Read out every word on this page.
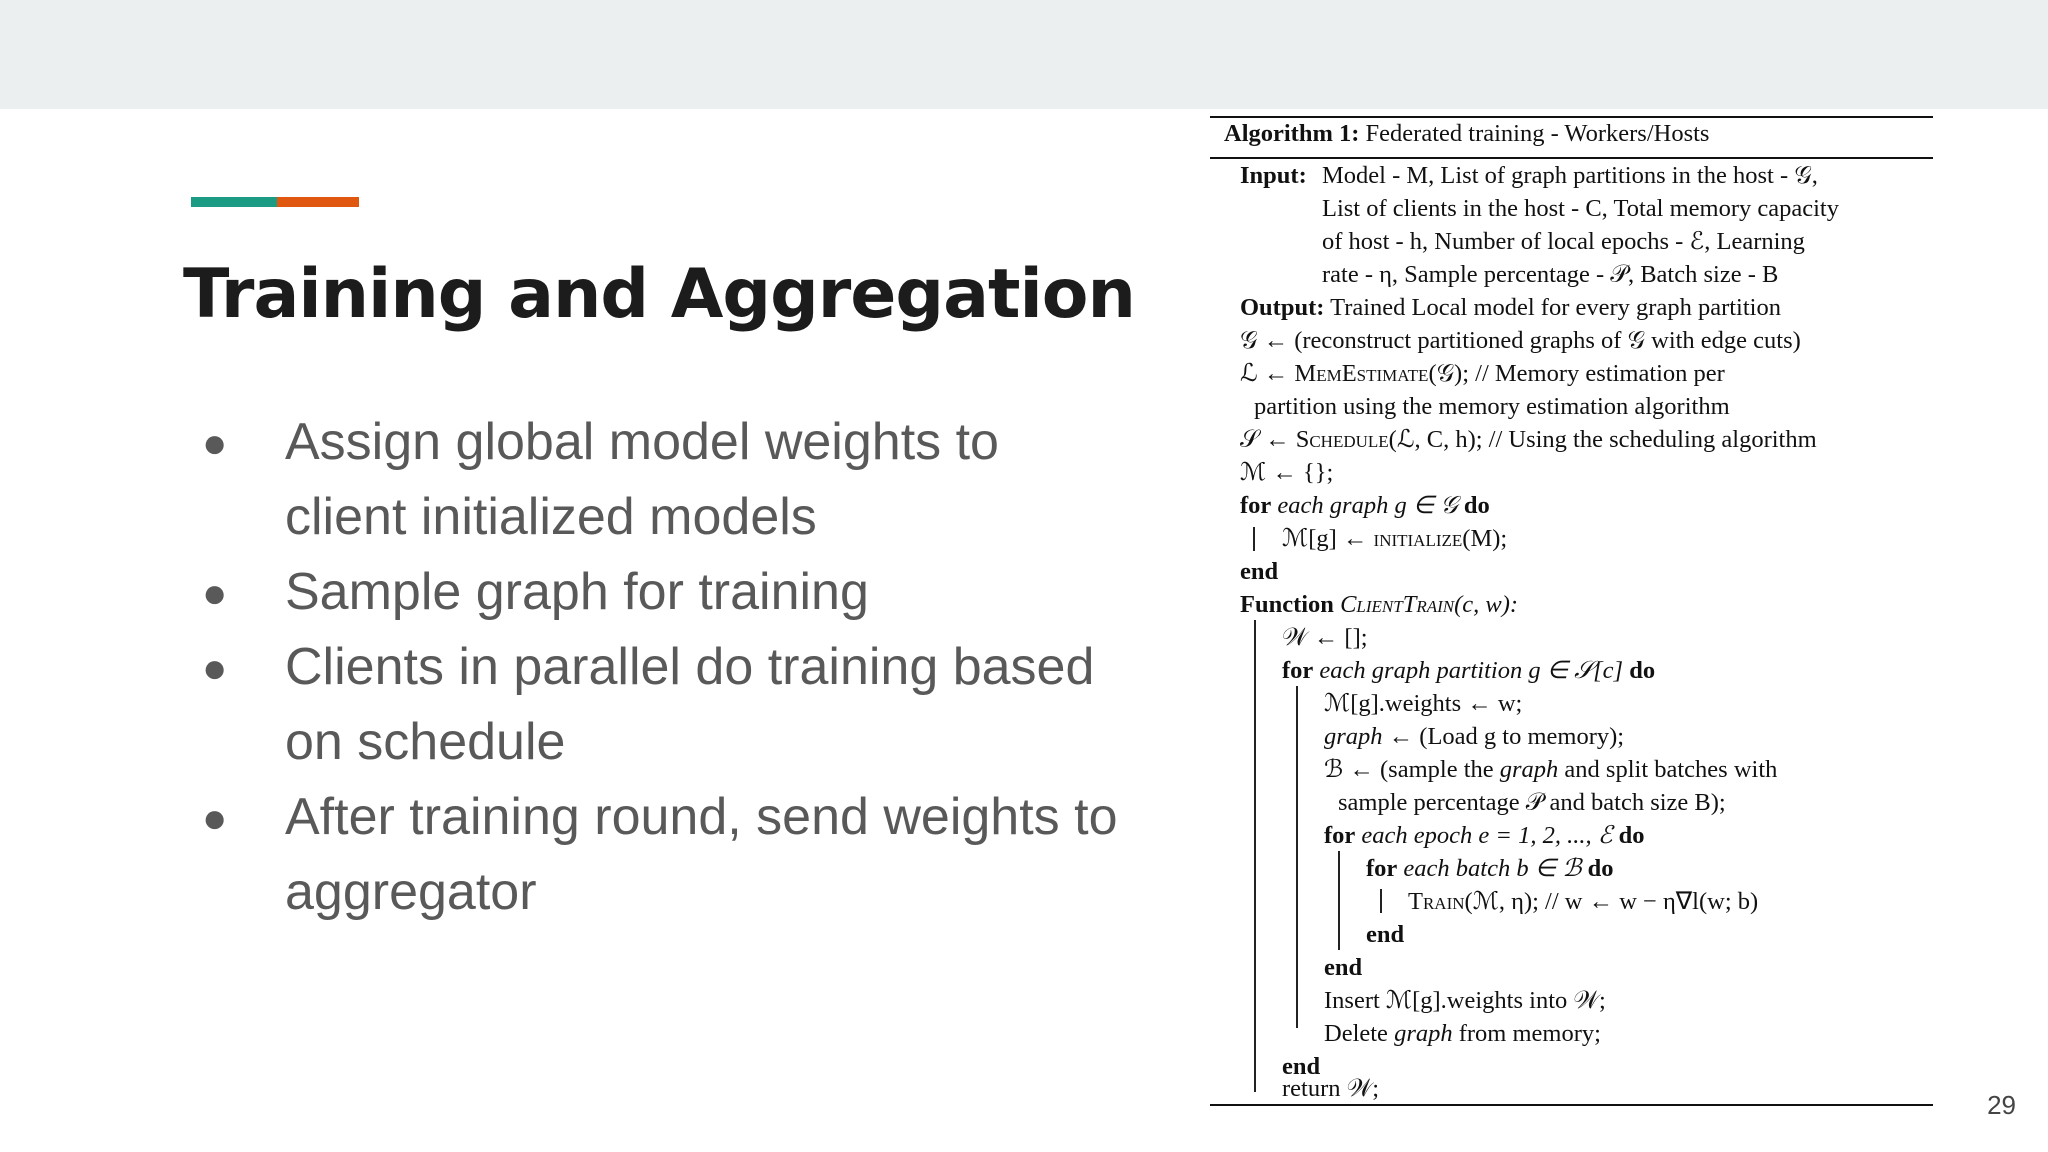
Training and Aggregation
● Assign global model weights to client initialized models
● Sample graph for training
● Clients in parallel do training based on schedule
● After training round, send weights to aggregator
Algorithm 1: Federated training - Workers/Hosts
Input: Model - M, List of graph partitions in the host - 𝒢,
List of clients in the host - C, Total memory capacity
of host - h, Number of local epochs - ℰ, Learning
rate - η, Sample percentage - 𝒫, Batch size - B
Output: Trained Local model for every graph partition
𝒢 ← (reconstruct partitioned graphs of 𝒢 with edge cuts)
ℒ ← MemEstimate(𝒢); // Memory estimation per
partition using the memory estimation algorithm
𝒮 ← Schedule(ℒ, C, h); // Using the scheduling algorithm
ℳ ← {};
for each graph g ∈ 𝒢 do
ℳ[g] ← initialize(M);
end
Function ClientTrain(c, w):
𝒲 ← [];
for each graph partition g ∈ 𝒮[c] do
ℳ[g].weights ← w;
graph ← (Load g to memory);
ℬ ← (sample the graph and split batches with
sample percentage 𝒫 and batch size B);
for each epoch e = 1, 2, ..., ℰ do
for each batch b ∈ ℬ do
Train(ℳ, η); // w ← w − η∇l(w; b)
end
end
Insert ℳ[g].weights into 𝒲;
Delete graph from memory;
end
return 𝒲;
29
